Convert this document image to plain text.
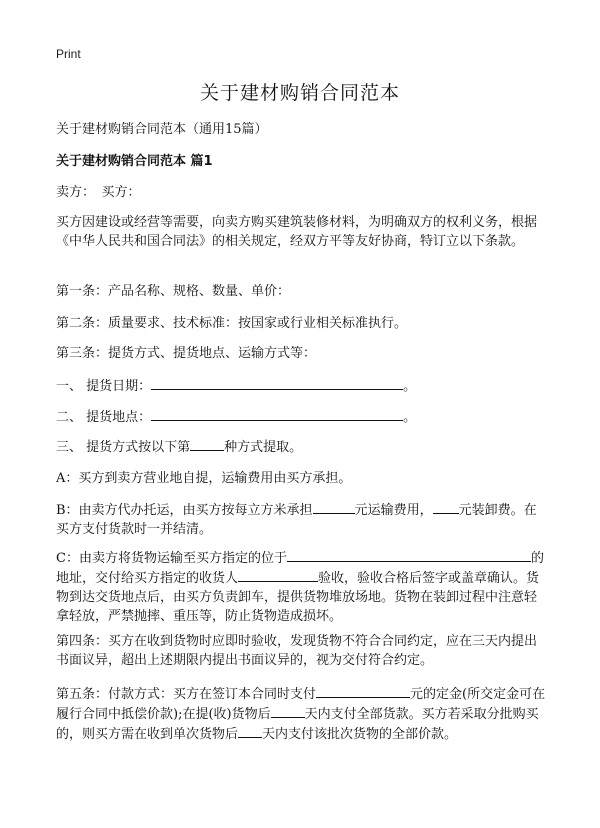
Print
关于建材购销合同范本
关于建材购销合同范本（通用15篇）
关于建材购销合同范本 篇1
卖方：　买方：
买方因建设或经营等需要，向卖方购买建筑装修材料，为明确双方的权利义务，根据《中华人民共和国合同法》的相关规定，经双方平等友好协商，特订立以下条款。
第一条：产品名称、规格、数量、单价：
第二条：质量要求、技术标准：按国家或行业相关标准执行。
第三条：提货方式、提货地点、运输方式等：
一、 提货日期：	。
二、 提货地点：	。
三、 提货方式按以下第	种方式提取。
A：买方到卖方营业地自提，运输费用由买方承担。
B：由卖方代办托运，由买方按每立方米承担	元运输费用， 元装卸费。在买方支付货款时一并结清。
C：由卖方将货物运输至买方指定的位于	的地址，交付给买方指定的收货人	验收，验收合格后签字或盖章确认。货物到达交货地点后，由买方负责卸车，提供货物堆放场地。货物在装卸过程中注意轻拿轻放，严禁抛摔、重压等，防止货物造成损坏。
第四条：买方在收到货物时应即时验收，发现货物不符合合同约定，应在三天内提出书面议异，超出上述期限内提出书面议异的，视为交付符合约定。
第五条：付款方式：买方在签订本合同时支付	元的定金(所交定金可在履行合同中抵偿价款);在提(收)货物后	天内支付全部货款。买方若采取分批购买的，则买方需在收到单次货物后 天内支付该批次货物的全部价款。
